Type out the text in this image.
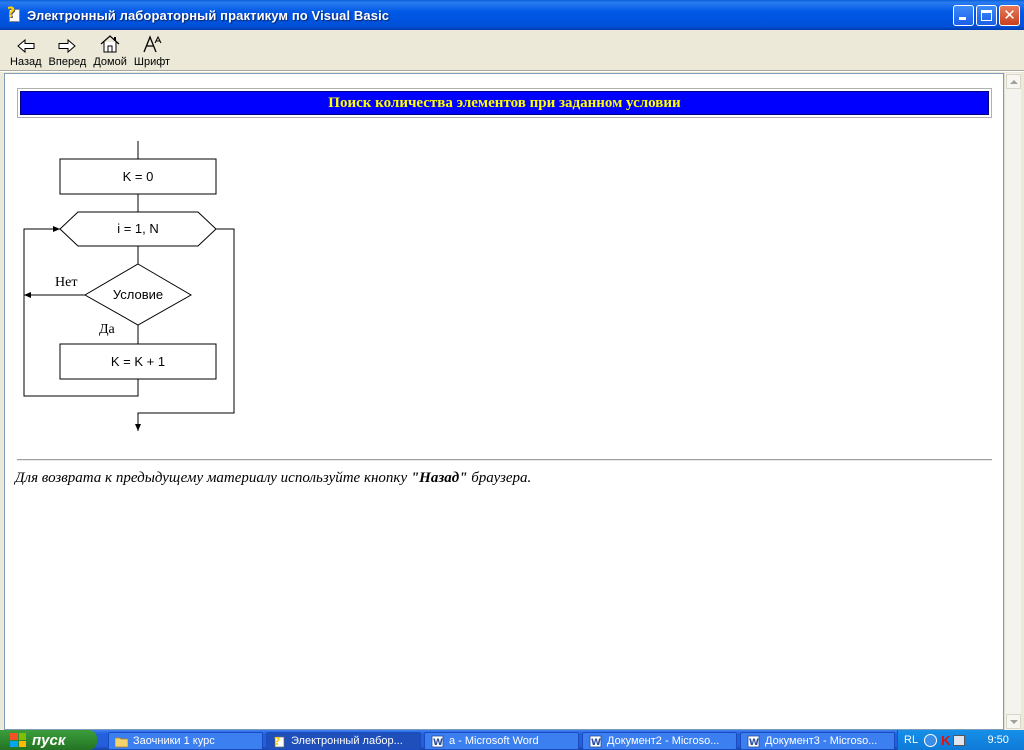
? Электронный лабораторный практикум по Visual Basic	✕
Назад Вперед Домой Шрифт
Поиск количества элементов при заданном условии
K = 0
i = 1, N
Условие
Нет
Да
K = K + 1
Для возврата к предыдущему материалу используйте кнопку "Назад" браузера.
пуск	Заочники 1 курс	? Электронный лабор...	W a - Microsoft Word	W Документ2 - Microso...	W Документ3 - Microso... RL K	9:50
